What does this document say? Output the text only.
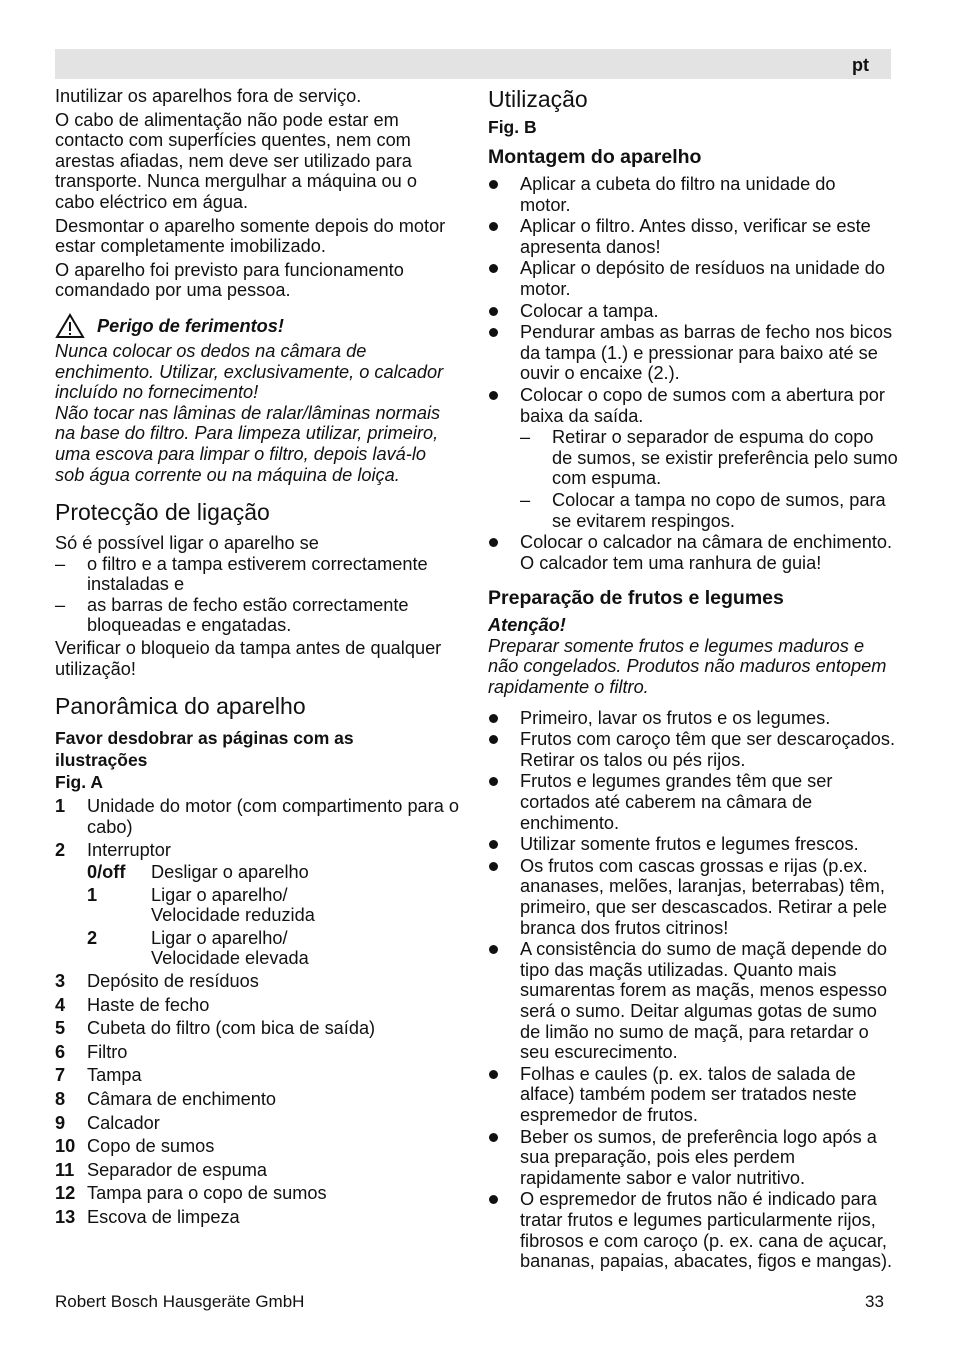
pt

Inutilizar os aparelhos fora de serviço.

O cabo de alimentação não pode estar em contacto com superfícies quentes, nem com arestas afiadas, nem deve ser utilizado para transporte. Nunca mergulhar a máquina ou o cabo eléctrico em água.

Desmontar o aparelho somente depois do motor estar completamente imobilizado.

O aparelho foi previsto para funcionamento comandado por uma pessoa.

Perigo de ferimentos!

Nunca colocar os dedos na câmara de enchimento. Utilizar, exclusivamente, o calcador incluído no fornecimento!

Não tocar nas lâminas de ralar/lâminas normais na base do filtro. Para limpeza utilizar, primeiro, uma escova para limpar o filtro, depois lavá-lo sob água corrente ou na máquina de loiça.

Protecção de ligação

Só é possível ligar o aparelho se

–	o filtro e a tampa estiverem correctamente instaladas e
–	as barras de fecho estão correctamente bloqueadas e engatadas.

Verificar o bloqueio da tampa antes de qualquer utilização!

Panorâmica do aparelho
Favor desdobrar as páginas com as ilustrações
Fig. A
1	Unidade do motor (com compartimento para o cabo)
2	Interruptor
0/off	Desligar o aparelho
1	Ligar o aparelho/ Velocidade reduzida
2	Ligar o aparelho/ Velocidade elevada
3	Depósito de resíduos
4	Haste de fecho
5	Cubeta do filtro (com bica de saída)
6	Filtro
7	Tampa
8	Câmara de enchimento
9	Calcador
10 Copo de sumos
11 Separador de espuma
12 Tampa para o copo de sumos
13 Escova de limpeza
Utilização
Fig. B
Montagem do aparelho
Aplicar a cubeta do filtro na unidade do motor.
Aplicar o filtro. Antes disso, verificar se este apresenta danos!
Aplicar o depósito de resíduos na unidade do motor.
Colocar a tampa.
Pendurar ambas as barras de fecho nos bicos da tampa (1.) e pressionar para baixo até se ouvir o encaixe (2.).
Colocar o copo de sumos com a abertura por baixa da saída.
–	Retirar o separador de espuma do copo de sumos, se existir preferência pelo sumo com espuma.
–	Colocar a tampa no copo de sumos, para se evitarem respingos.
Colocar o calcador na câmara de enchimento. O calcador tem uma ranhura de guia!
Preparação de frutos e legumes

Atenção!

Preparar somente frutos e legumes maduros e não congelados. Produtos não maduros entopem rapidamente o filtro.

Primeiro, lavar os frutos e os legumes.
Frutos com caroço têm que ser descaroçados. Retirar os talos ou pés rijos.
Frutos e legumes grandes têm que ser cortados até caberem na câmara de enchimento.
Utilizar somente frutos e legumes frescos.
Os frutos com cascas grossas e rijas (p.ex. ananases, melões, laranjas, beterrabas) têm, primeiro, que ser descascados. Retirar a pele branca dos frutos citrinos!
A consistência do sumo de maçã depende do tipo das maçãs utilizadas. Quanto mais sumarentas forem as maçãs, menos espesso será o sumo. Deitar algumas gotas de sumo de limão no sumo de maçã, para retardar o seu escurecimento.
Folhas e caules (p. ex. talos de salada de alface) também podem ser tratados neste espremedor de frutos.
Beber os sumos, de preferência logo após a sua preparação, pois eles perdem rapidamente sabor e valor nutritivo.
O espremedor de frutos não é indicado para tratar frutos e legumes particularmente rijos, fibrosos e com caroço (p. ex. cana de açucar, bananas, papaias, abacates, figos e mangas).
Robert Bosch Hausgeräte GmbH	33
